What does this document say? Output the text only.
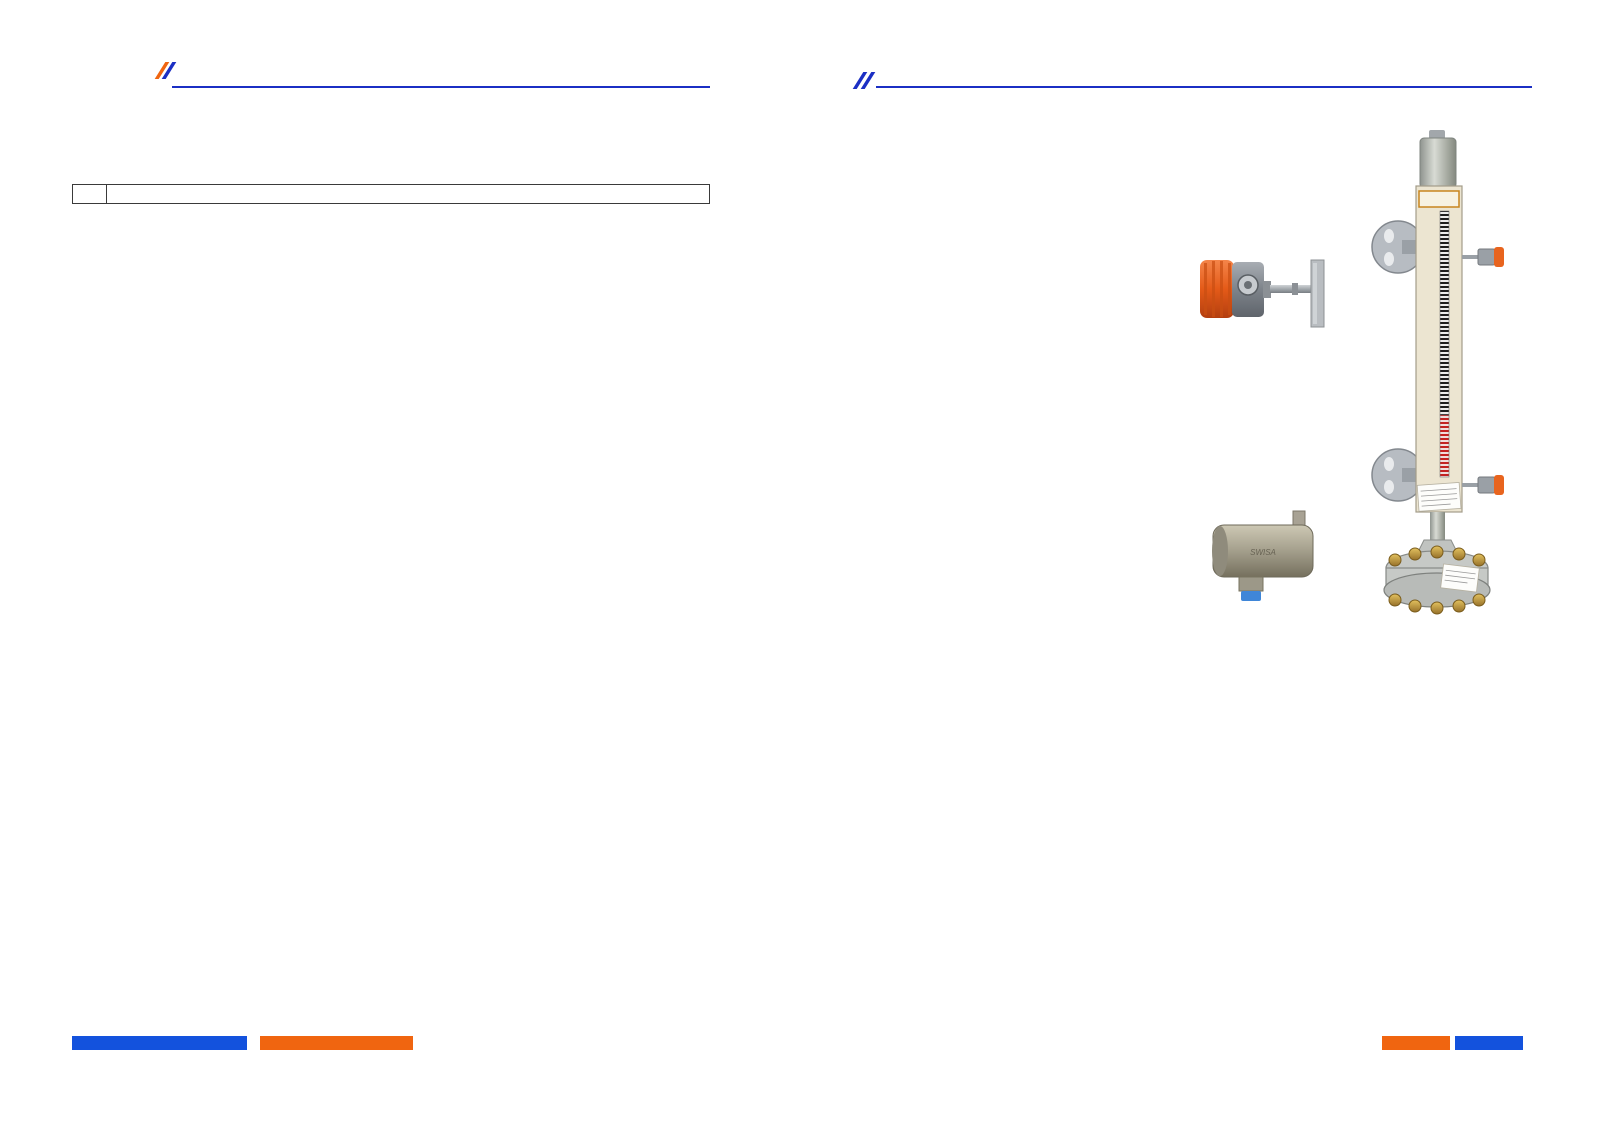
SWISA
